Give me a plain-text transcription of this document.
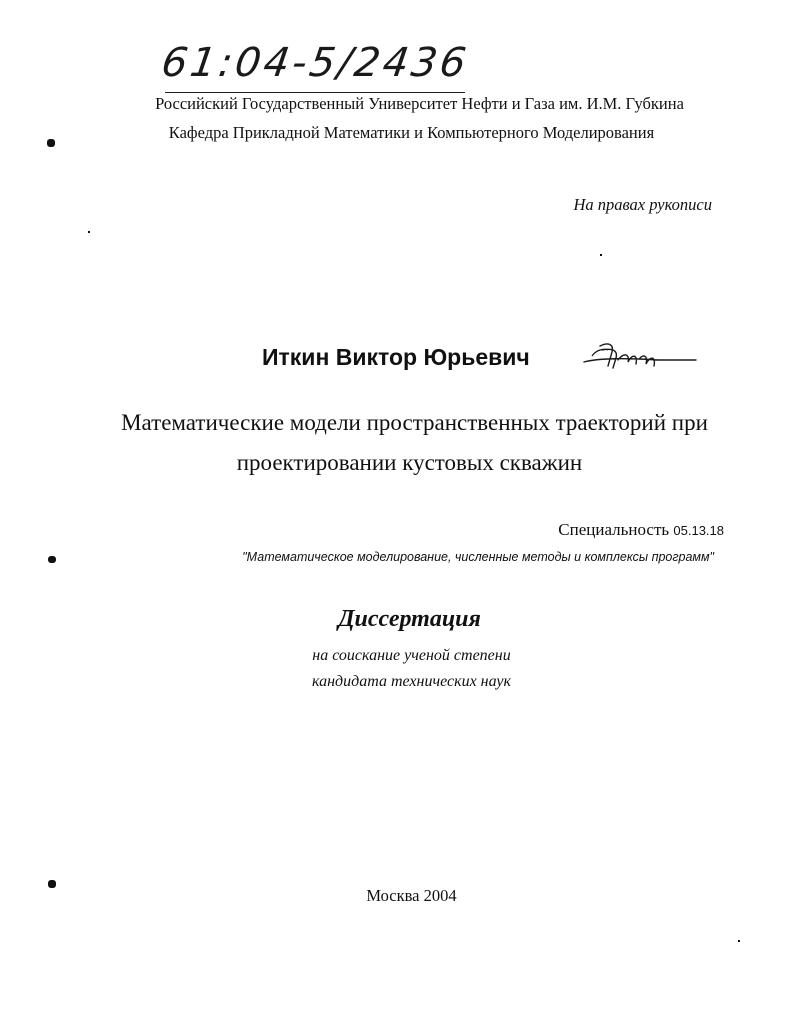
61:04-5/2436
Российский Государственный Университет Нефти и Газа им. И.М. Губкина
Кафедра Прикладной Математики и Компьютерного Моделирования
На правах рукописи
Иткин Виктор Юрьевич
Математические модели пространственных траекторий при
проектировании кустовых скважин
Специальность 05.13.18
"Математическое моделирование, численные методы и комплексы программ"
Диссертация
на соискание ученой степени
кандидата технических наук
Москва 2004
